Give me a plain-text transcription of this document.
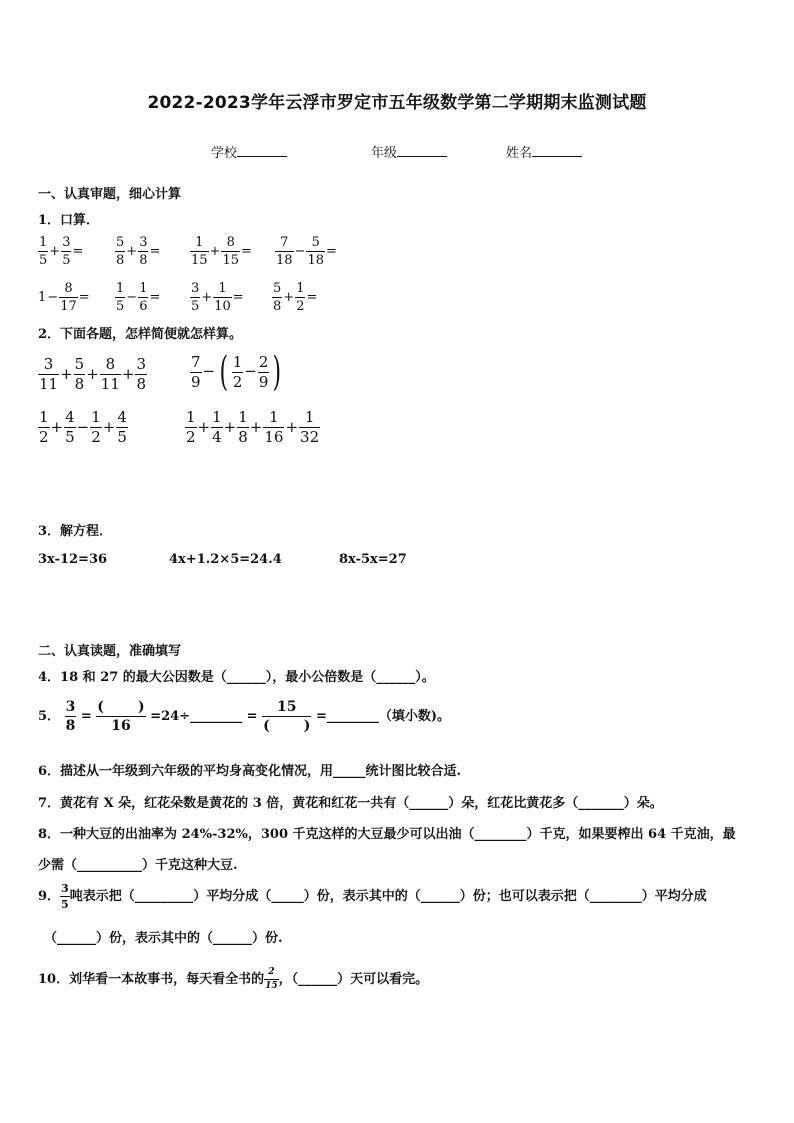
2022-2023学年云浮市罗定市五年级数学第二学期期末监测试题
学校	年级	姓名
一、认真审题，细心计算
1．口算．
$\frac{1}{5} + \frac{3}{5} = \frac{5}{8} + \frac{3}{8} = \frac{1}{15} + \frac{8}{15} = \frac{7}{18} - \frac{5}{18}$ =
$1- \frac{8}{17} = \frac{1}{5} - \frac{1}{6} = \frac{3}{5} + \frac{1}{10} = \frac{5}{8} + \frac{1}{2}$ =
2．下面各题，怎样简便就怎样算。
$\frac{3}{11} + \frac{5}{8} + \frac{8}{11} + \frac{3}{8}$	$\frac{7}{9}$ − ( $\frac{1}{2} - \frac{2}{9}$ )
$\frac{1}{2} + \frac{4}{5} - \frac{1}{2} + \frac{4}{5}$	$\frac{1}{2} + \frac{1}{4} + \frac{1}{8} + \frac{1}{16} + \frac{1}{32}$
3．解方程．
3x-12=36	4x+1.2×5=24.4	8x-5x=27
二、认真读题，准确填写
4．18 和 27 的最大公因数是（______），最小公倍数是（______）。
5． $\frac{3}{8}$ =
(       )
16
=24÷________ =
15
(       )
=________（填小数)。
6．描述从一年级到六年级的平均身高变化情况，用_____统计图比较合适.
7．黄花有 X 朵，红花朵数是黄花的 3 倍，黄花和红花一共有（______）朵，红花比黄花多（_______）朵。
8．一种大豆的出油率为 24%-32%，300 千克这样的大豆最少可以出油（________）千克，如果要榨出 64 千克油，最
少需（__________）千克这种大豆.
9． $\frac{3}{5}$ 吨表示把（_________）平均分成（_____）份，表示其中的（______）份；也可以表示把（________）平均分成
（______）份，表示其中的（______）份.
10．刘华看一本故事书，每天看全书的 $\frac{2}{15}$ ，（______）天可以看完。
